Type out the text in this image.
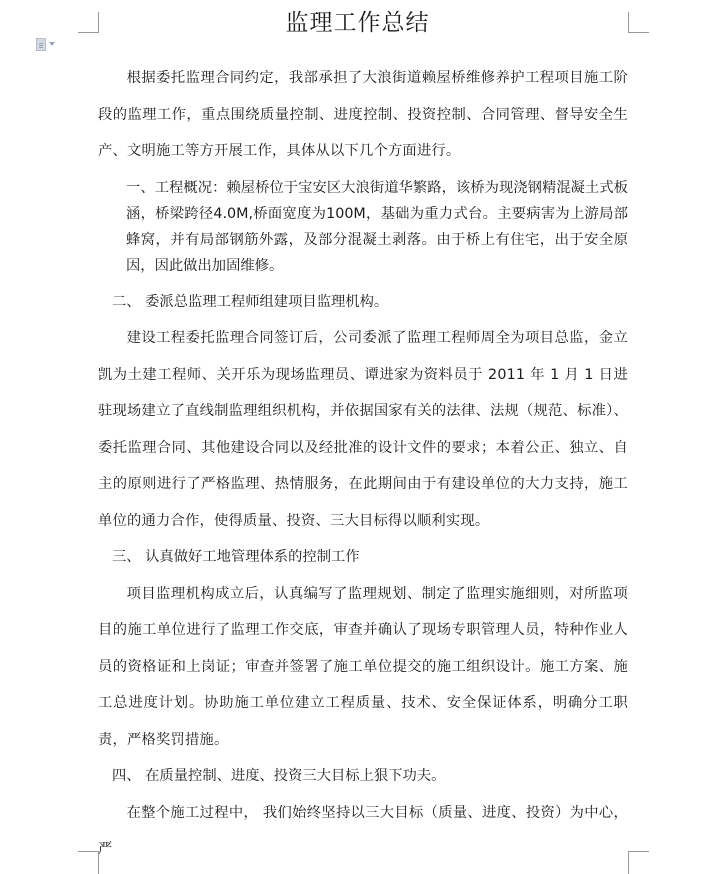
监理工作总结

根据委托监理合同约定，我部承担了大浪街道赖屋桥维修养护工程项目施工阶段的监理工作，重点围绕质量控制、进度控制、投资控制、合同管理、督导安全生产、文明施工等方开展工作，具体从以下几个方面进行。

一、工程概况：赖屋桥位于宝安区大浪街道华繁路，该桥为现浇钢精混凝土式板涵，桥梁跨径4.0M,桥面宽度为100M，基础为重力式台。主要病害为上游局部蜂窝，并有局部钢筋外露，及部分混凝土剥落。由于桥上有住宅，出于安全原因，因此做出加固维修。

二、 委派总监理工程师组建项目监理机构。

建设工程委托监理合同签订后，公司委派了监理工程师周全为项目总监，金立凯为土建工程师、关开乐为现场监理员、谭进家为资料员于 2011 年 1 月 1 日进驻现场建立了直线制监理组织机构，并依据国家有关的法律、法规（规范、标准）、委托监理合同、其他建设合同以及经批准的设计文件的要求；本着公正、独立、自主的原则进行了严格监理、热情服务，在此期间由于有建设单位的大力支持，施工单位的通力合作，使得质量、投资、三大目标得以顺利实现。

三、 认真做好工地管理体系的控制工作

项目监理机构成立后，认真编写了监理规划、制定了监理实施细则，对所监项目的施工单位进行了监理工作交底，审查并确认了现场专职管理人员，特种作业人员的资格证和上岗证；审查并签署了施工单位提交的施工组织设计。施工方案、施工总进度计划。协助施工单位建立工程质量、技术、安全保证体系，明确分工职责，严格奖罚措施。

四、 在质量控制、进度、投资三大目标上狠下功夫。

在整个施工过程中， 我们始终坚持以三大目标（质量、进度、投资）为中心，严
